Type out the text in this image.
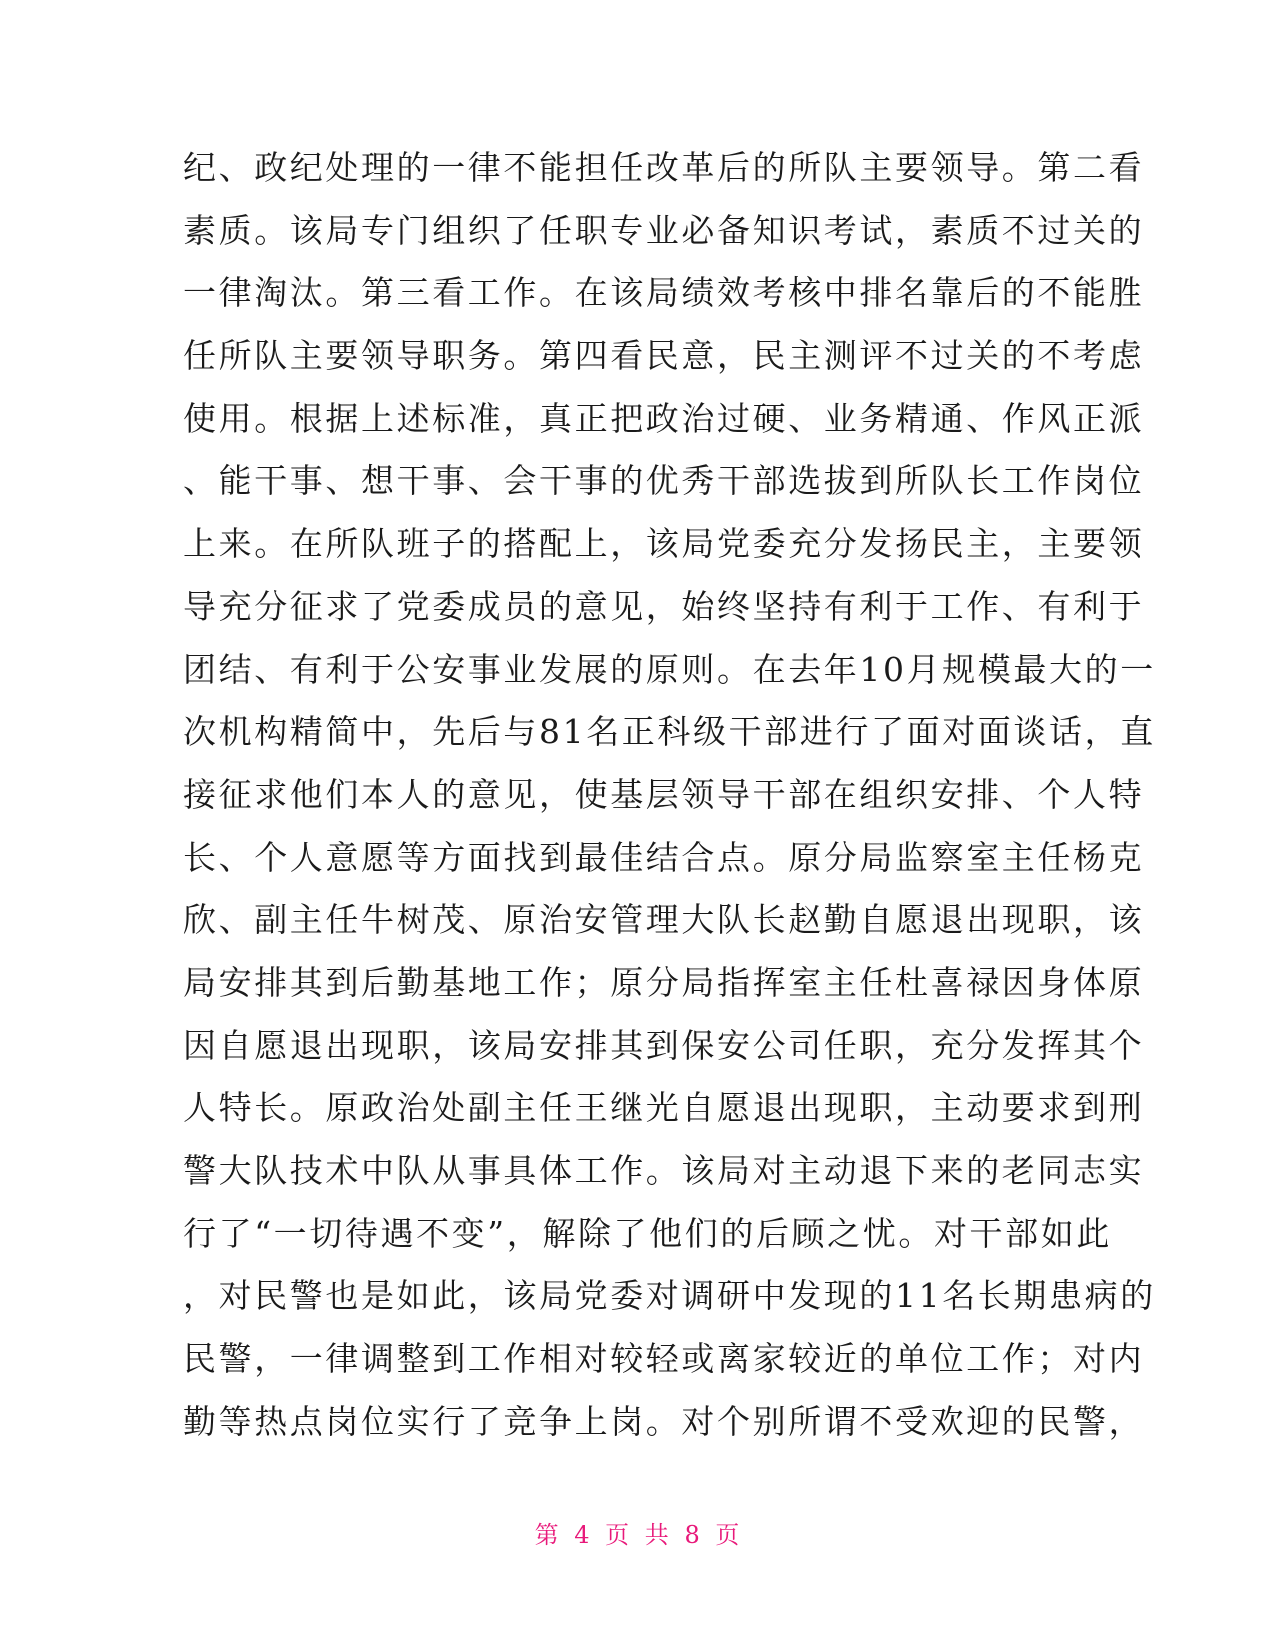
纪、政纪处理的一律不能担任改革后的所队主要领导。第二看
素质。该局专门组织了任职专业必备知识考试，素质不过关的
一律淘汰。第三看工作。在该局绩效考核中排名靠后的不能胜
任所队主要领导职务。第四看民意，民主测评不过关的不考虑
使用。根据上述标准，真正把政治过硬、业务精通、作风正派
、能干事、想干事、会干事的优秀干部选拔到所队长工作岗位
上来。在所队班子的搭配上，该局党委充分发扬民主，主要领
导充分征求了党委成员的意见，始终坚持有利于工作、有利于
团结、有利于公安事业发展的原则。在去年10月规模最大的一
次机构精简中，先后与81名正科级干部进行了面对面谈话，直
接征求他们本人的意见，使基层领导干部在组织安排、个人特
长、个人意愿等方面找到最佳结合点。原分局监察室主任杨克
欣、副主任牛树茂、原治安管理大队长赵勤自愿退出现职，该
局安排其到后勤基地工作；原分局指挥室主任杜喜禄因身体原
因自愿退出现职，该局安排其到保安公司任职，充分发挥其个
人特长。原政治处副主任王继光自愿退出现职，主动要求到刑
警大队技术中队从事具体工作。该局对主动退下来的老同志实
行了“一切待遇不变”，解除了他们的后顾之忧。对干部如此
，对民警也是如此，该局党委对调研中发现的11名长期患病的
民警，一律调整到工作相对较轻或离家较近的单位工作；对内
勤等热点岗位实行了竞争上岗。对个别所谓不受欢迎的民警，
第 4 页 共 8 页
